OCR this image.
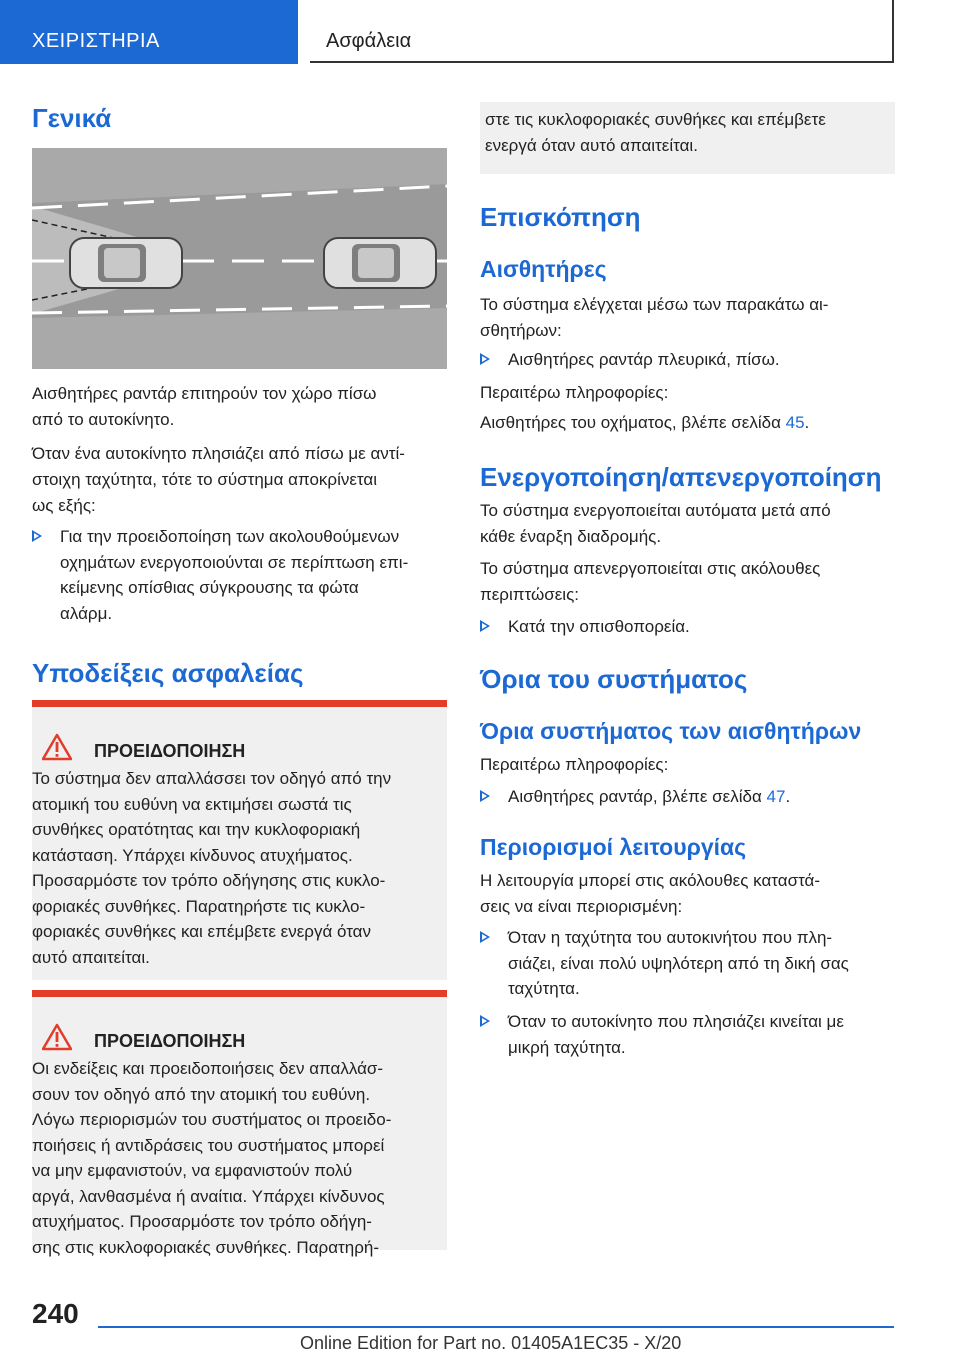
ΧΕΙΡΙΣΤΗΡΙΑ	Ασφάλεια
Γενικά

Αισθητήρες ραντάρ επιτηρούν τον χώρο πίσω

από το αυτοκίνητο.

Όταν ένα αυτοκίνητο πλησιάζει από πίσω με αντί-

στοιχη ταχύτητα, τότε το σύστημα αποκρίνεται

ως εξής:

Για την προειδοποίηση των ακολουθούμενων

οχημάτων ενεργοποιούνται σε περίπτωση επι-

κείμενης οπίσθιας σύγκρουσης τα φώτα

αλάρμ.

Υποδείξεις ασφαλείας
ΠΡΟΕΙΔΟΠΟΙΗΣΗ

Το σύστημα δεν απαλλάσσει τον οδηγό από την

ατομική του ευθύνη να εκτιμήσει σωστά τις

συνθήκες ορατότητας και την κυκλοφοριακή

κατάσταση. Υπάρχει κίνδυνος ατυχήματος.

Προσαρμόστε τον τρόπο οδήγησης στις κυκλο-

φοριακές συνθήκες. Παρατηρήστε τις κυκλο-

φοριακές συνθήκες και επέμβετε ενεργά όταν

αυτό απαιτείται.

ΠΡΟΕΙΔΟΠΟΙΗΣΗ

Οι ενδείξεις και προειδοποιήσεις δεν απαλλάσ-

σουν τον οδηγό από την ατομική του ευθύνη.

Λόγω περιορισμών του συστήματος οι προειδο-

ποιήσεις ή αντιδράσεις του συστήματος μπορεί

να μην εμφανιστούν, να εμφανιστούν πολύ

αργά, λανθασμένα ή αναίτια. Υπάρχει κίνδυνος

ατυχήματος. Προσαρμόστε τον τρόπο οδήγη-

σης στις κυκλοφοριακές συνθήκες. Παρατηρή-

στε τις κυκλοφοριακές συνθήκες και επέμβετε

ενεργά όταν αυτό απαιτείται.

Επισκόπηση
Αισθητήρες

Το σύστημα ελέγχεται μέσω των παρακάτω αι-

σθητήρων:

Αισθητήρες ραντάρ πλευρικά, πίσω.

Περαιτέρω πληροφορίες:

Αισθητήρες του οχήματος, βλέπε σελίδα 45.

Ενεργοποίηση/απενεργοποίηση

Το σύστημα ενεργοποιείται αυτόματα μετά από

κάθε έναρξη διαδρομής.

Το σύστημα απενεργοποιείται στις ακόλουθες

περιπτώσεις:

Κατά την οπισθοπορεία.

Όρια του συστήματος
Όρια συστήματος των αισθητήρων

Περαιτέρω πληροφορίες:

Αισθητήρες ραντάρ, βλέπε σελίδα 47.

Περιορισμοί λειτουργίας

Η λειτουργία μπορεί στις ακόλουθες καταστά-

σεις να είναι περιορισμένη:

Όταν η ταχύτητα του αυτοκινήτου που πλη-

σιάζει, είναι πολύ υψηλότερη από τη δική σας

ταχύτητα.

Όταν το αυτοκίνητο που πλησιάζει κινείται με

μικρή ταχύτητα.

240
Online Edition for Part no. 01405A1EC35 - X/20
